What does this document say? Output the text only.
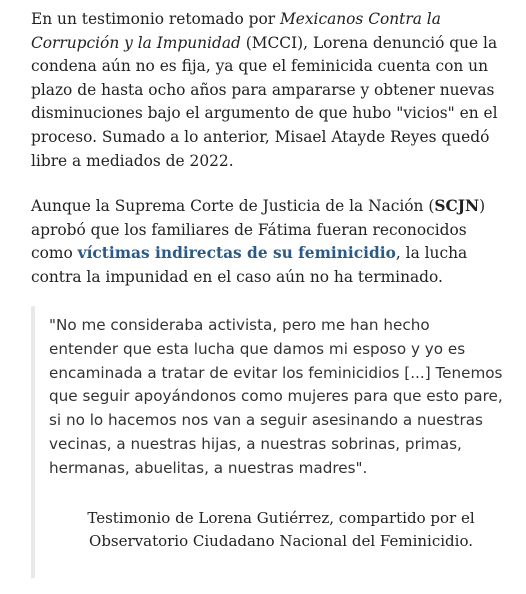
En un testimonio retomado por Mexicanos Contra la Corrupción y la Impunidad (MCCI), Lorena denunció que la condena aún no es fija, ya que el feminicida cuenta con un plazo de hasta ocho años para ampararse y obtener nuevas disminuciones bajo el argumento de que hubo "vicios" en el proceso. Sumado a lo anterior, Misael Atayde Reyes quedó libre a mediados de 2022.

Aunque la Suprema Corte de Justicia de la Nación (SCJN) aprobó que los familiares de Fátima fueran reconocidos como víctimas indirectas de su feminicidio, la lucha contra la impunidad en el caso aún no ha terminado.

"No me consideraba activista, pero me han hecho entender que esta lucha que damos mi esposo y yo es encaminada a tratar de evitar los feminicidios [...] Tenemos que seguir apoyándonos como mujeres para que esto pare, si no lo hacemos nos van a seguir asesinando a nuestras vecinas, a nuestras hijas, a nuestras sobrinas, primas, hermanas, abuelitas, a nuestras madres".

Testimonio de Lorena Gutiérrez, compartido por el Observatorio Ciudadano Nacional del Feminicidio.
